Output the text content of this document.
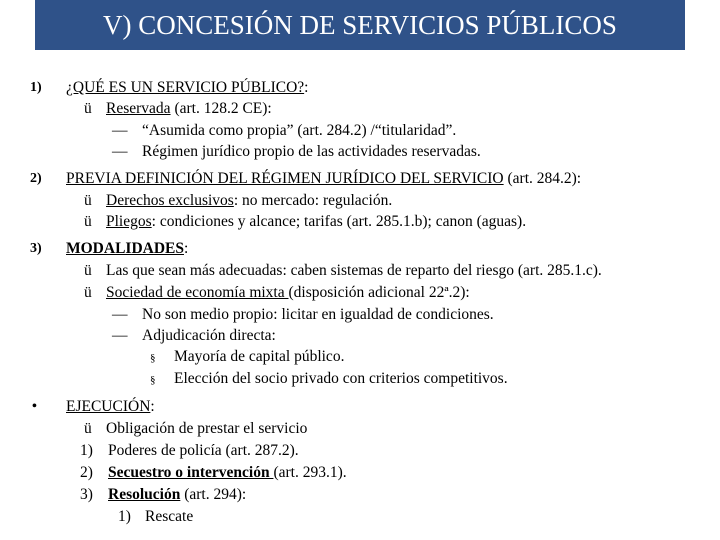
V) CONCESIÓN DE SERVICIOS PÚBLICOS
1) ¿QUÉ ES UN SERVICIO PÚBLICO?:
ü Reservada (art. 128.2 CE):
— “Asumida como propia” (art. 284.2) /“titularidad”.
— Régimen jurídico propio de las actividades reservadas.
2) PREVIA DEFINICIÓN DEL RÉGIMEN JURÍDICO DEL SERVICIO (art. 284.2):
ü Derechos exclusivos: no mercado: regulación.
ü Pliegos: condiciones y alcance; tarifas (art. 285.1.b); canon (aguas).
3) MODALIDADES:
ü Las que sean más adecuadas: caben sistemas de reparto del riesgo (art. 285.1.c).
ü Sociedad de economía mixta (disposición adicional 22ª.2):
— No son medio propio: licitar en igualdad de condiciones.
— Adjudicación directa:
§ Mayoría de capital público.
§ Elección del socio privado con criterios competitivos.
• EJECUCIÓN:
ü Obligación de prestar el servicio
1) Poderes de policía (art. 287.2).
2) Secuestro o intervención (art. 293.1).
3) Resolución (art. 294):
1) Rescate
